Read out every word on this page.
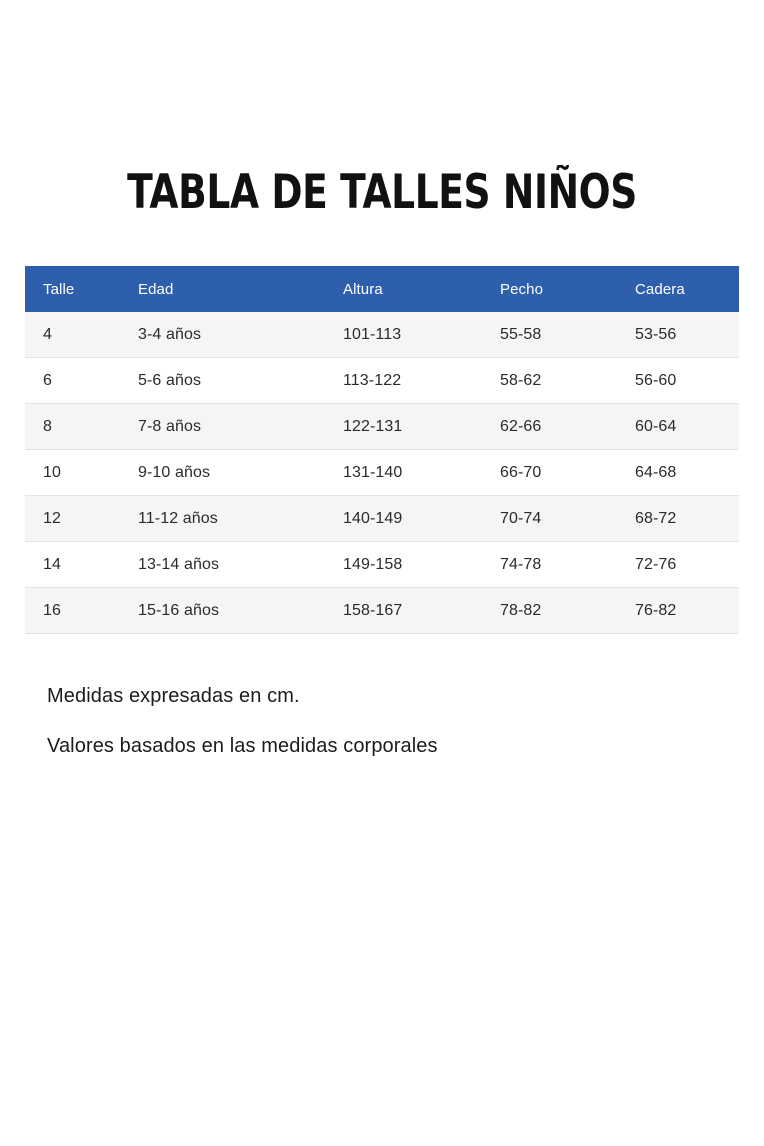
TABLA DE TALLES NIÑOS
Talle	Edad	Altura	Pecho	Cadera
4	3-4 años	101-113	55-58	53-56
6	5-6 años	113-122	58-62	56-60
8	7-8 años	122-131	62-66	60-64
10	9-10 años	131-140	66-70	64-68
12	11-12 años	140-149	70-74	68-72
14	13-14 años	149-158	74-78	72-76
16	15-16 años	158-167	78-82	76-82
Medidas expresadas en cm.
Valores basados en las medidas corporales
